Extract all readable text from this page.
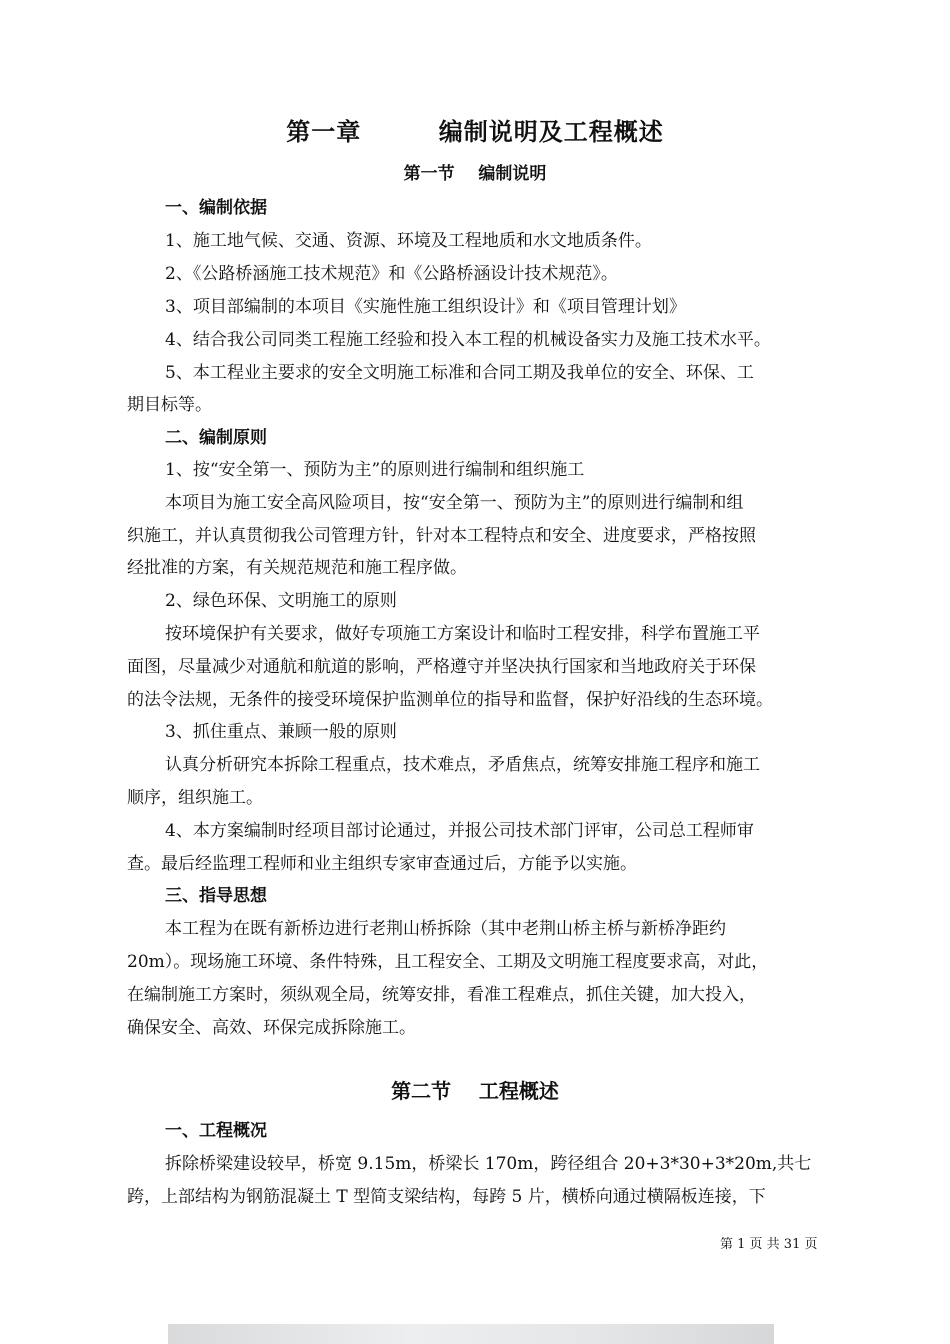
第一章    编制说明及工程概述
第一节    编制说明
一、编制依据
1、施工地气候、交通、资源、环境及工程地质和水文地质条件。
2、《公路桥涵施工技术规范》和《公路桥涵设计技术规范》。
3、项目部编制的本项目《实施性施工组织设计》和《项目管理计划》
4、结合我公司同类工程施工经验和投入本工程的机械设备实力及施工技术水平。
5、本工程业主要求的安全文明施工标准和合同工期及我单位的安全、环保、工
期目标等。
二、编制原则
1、按“安全第一、预防为主”的原则进行编制和组织施工
本项目为施工安全高风险项目，按“安全第一、预防为主”的原则进行编制和组
织施工，并认真贯彻我公司管理方针，针对本工程特点和安全、进度要求，严格按照
经批准的方案，有关规范规范和施工程序做。
2、绿色环保、文明施工的原则
按环境保护有关要求，做好专项施工方案设计和临时工程安排，科学布置施工平
面图，尽量减少对通航和航道的影响，严格遵守并坚决执行国家和当地政府关于环保
的法令法规，无条件的接受环境保护监测单位的指导和监督，保护好沿线的生态环境。
3、抓住重点、兼顾一般的原则
认真分析研究本拆除工程重点，技术难点，矛盾焦点，统筹安排施工程序和施工
顺序，组织施工。
4、本方案编制时经项目部讨论通过，并报公司技术部门评审，公司总工程师审
查。最后经监理工程师和业主组织专家审查通过后，方能予以实施。
三、指导思想
本工程为在既有新桥边进行老荆山桥拆除（其中老荆山桥主桥与新桥净距约
20m）。现场施工环境、条件特殊，且工程安全、工期及文明施工程度要求高，对此，
在编制施工方案时，须纵观全局，统筹安排，看准工程难点，抓住关键，加大投入，
确保安全、高效、环保完成拆除施工。
第二节    工程概述
一、工程概况
拆除桥梁建设较早，桥宽 9.15m，桥梁长 170m，跨径组合 20+3*30+3*20m,共七
跨，上部结构为钢筋混凝土 T 型简支梁结构，每跨 5 片，横桥向通过横隔板连接，下
第 1 页 共 31 页
